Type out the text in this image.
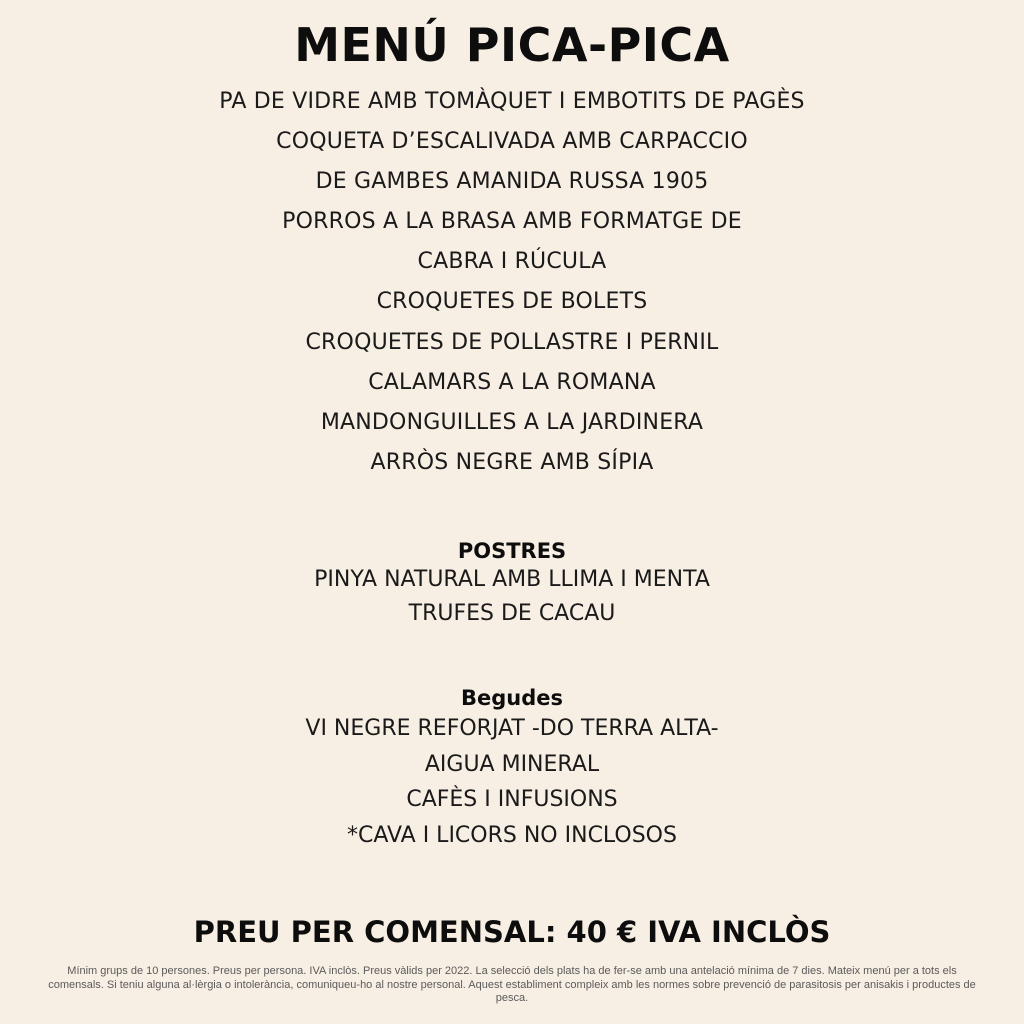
MENÚ PICA-PICA
PA DE VIDRE AMB TOMÀQUET I EMBOTITS DE PAGÈS
COQUETA D’ESCALIVADA AMB CARPACCIO
DE GAMBES AMANIDA RUSSA 1905
PORROS A LA BRASA AMB FORMATGE DE
CABRA I RÚCULA
CROQUETES DE BOLETS
CROQUETES DE POLLASTRE I PERNIL
CALAMARS A LA ROMANA
MANDONGUILLES A LA JARDINERA
ARRÒS NEGRE AMB SÍPIA
POSTRES
PINYA NATURAL AMB LLIMA I MENTA
TRUFES DE CACAU
Begudes
VI NEGRE REFORJAT -DO TERRA ALTA-
AIGUA MINERAL
CAFÈS I INFUSIONS
*CAVA I LICORS NO INCLOSOS
PREU PER COMENSAL: 40 € IVA INCLÒS
Mínim grups de 10 persones. Preus per persona. IVA inclòs. Preus vàlids per 2022. La selecció dels plats ha de fer-se amb una antelació mínima de 7 dies. Mateix menú per a tots els comensals. Si teniu alguna al·lèrgia o intolerància, comuniqueu-ho al nostre personal. Aquest establiment compleix amb les normes sobre prevenció de parasitosis per anisakis i productes de pesca.
